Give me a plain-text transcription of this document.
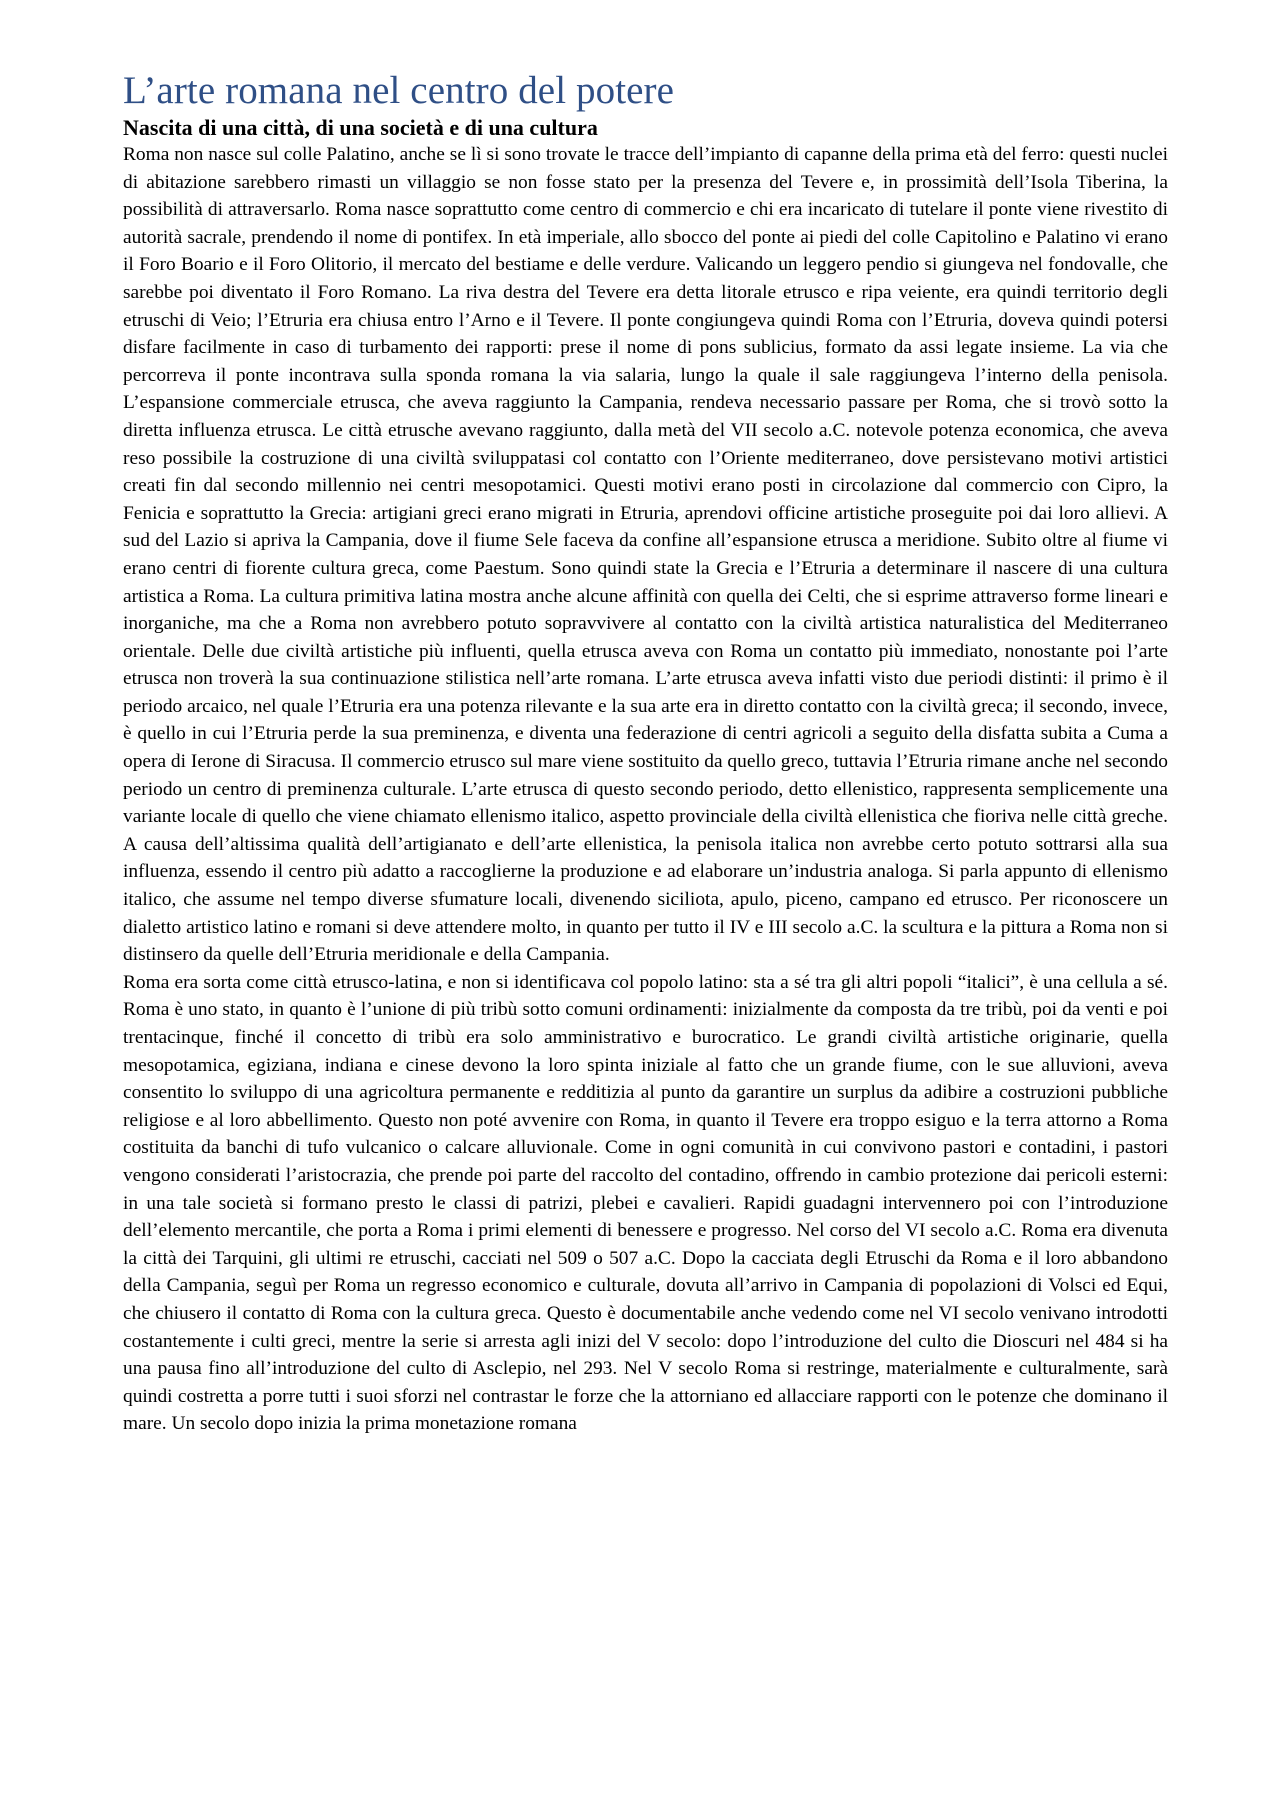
L’arte romana nel centro del potere
Nascita di una città, di una società e di una cultura

Roma non nasce sul colle Palatino, anche se lì si sono trovate le tracce dell’impianto di capanne della prima età del ferro: questi nuclei di abitazione sarebbero rimasti un villaggio se non fosse stato per la presenza del Tevere e, in prossimità dell’Isola Tiberina, la possibilità di attraversarlo. Roma nasce soprattutto come centro di commercio e chi era incaricato di tutelare il ponte viene rivestito di autorità sacrale, prendendo il nome di pontifex. In età imperiale, allo sbocco del ponte ai piedi del colle Capitolino e Palatino vi erano il Foro Boario e il Foro Olitorio, il mercato del bestiame e delle verdure. Valicando un leggero pendio si giungeva nel fondovalle, che sarebbe poi diventato il Foro Romano. La riva destra del Tevere era detta litorale etrusco e ripa veiente, era quindi territorio degli etruschi di Veio; l’Etruria era chiusa entro l’Arno e il Tevere. Il ponte congiungeva quindi Roma con l’Etruria, doveva quindi potersi disfare facilmente in caso di turbamento dei rapporti: prese il nome di pons sublicius, formato da assi legate insieme. La via che percorreva il ponte incontrava sulla sponda romana la via salaria, lungo la quale il sale raggiungeva l’interno della penisola. L’espansione commerciale etrusca, che aveva raggiunto la Campania, rendeva necessario passare per Roma, che si trovò sotto la diretta influenza etrusca. Le città etrusche avevano raggiunto, dalla metà del VII secolo a.C. notevole potenza economica, che aveva reso possibile la costruzione di una civiltà sviluppatasi col contatto con l’Oriente mediterraneo, dove persistevano motivi artistici creati fin dal secondo millennio nei centri mesopotamici. Questi motivi erano posti in circolazione dal commercio con Cipro, la Fenicia e soprattutto la Grecia: artigiani greci erano migrati in Etruria, aprendovi officine artistiche proseguite poi dai loro allievi. A sud del Lazio si apriva la Campania, dove il fiume Sele faceva da confine all’espansione etrusca a meridione. Subito oltre al fiume vi erano centri di fiorente cultura greca, come Paestum. Sono quindi state la Grecia e l’Etruria a determinare il nascere di una cultura artistica a Roma. La cultura primitiva latina mostra anche alcune affinità con quella dei Celti, che si esprime attraverso forme lineari e inorganiche, ma che a Roma non avrebbero potuto sopravvivere al contatto con la civiltà artistica naturalistica del Mediterraneo orientale. Delle due civiltà artistiche più influenti, quella etrusca aveva con Roma un contatto più immediato, nonostante poi l’arte etrusca non troverà la sua continuazione stilistica nell’arte romana. L’arte etrusca aveva infatti visto due periodi distinti: il primo è il periodo arcaico, nel quale l’Etruria era una potenza rilevante e la sua arte era in diretto contatto con la civiltà greca; il secondo, invece, è quello in cui l’Etruria perde la sua preminenza, e diventa una federazione di centri agricoli a seguito della disfatta subita a Cuma a opera di Ierone di Siracusa. Il commercio etrusco sul mare viene sostituito da quello greco, tuttavia l’Etruria rimane anche nel secondo periodo un centro di preminenza culturale. L’arte etrusca di questo secondo periodo, detto ellenistico, rappresenta semplicemente una variante locale di quello che viene chiamato ellenismo italico, aspetto provinciale della civiltà ellenistica che fioriva nelle città greche. A causa dell’altissima qualità dell’artigianato e dell’arte ellenistica, la penisola italica non avrebbe certo potuto sottrarsi alla sua influenza, essendo il centro più adatto a raccoglierne la produzione e ad elaborare un’industria analoga. Si parla appunto di ellenismo italico, che assume nel tempo diverse sfumature locali, divenendo siciliota, apulo, piceno, campano ed etrusco. Per riconoscere un dialetto artistico latino e romani si deve attendere molto, in quanto per tutto il IV e III secolo a.C. la scultura e la pittura a Roma non si distinsero da quelle dell’Etruria meridionale e della Campania.

Roma era sorta come città etrusco-latina, e non si identificava col popolo latino: sta a sé tra gli altri popoli “italici”, è una cellula a sé. Roma è uno stato, in quanto è l’unione di più tribù sotto comuni ordinamenti: inizialmente da composta da tre tribù, poi da venti e poi trentacinque, finché il concetto di tribù era solo amministrativo e burocratico. Le grandi civiltà artistiche originarie, quella mesopotamica, egiziana, indiana e cinese devono la loro spinta iniziale al fatto che un grande fiume, con le sue alluvioni, aveva consentito lo sviluppo di una agricoltura permanente e redditizia al punto da garantire un surplus da adibire a costruzioni pubbliche religiose e al loro abbellimento. Questo non poté avvenire con Roma, in quanto il Tevere era troppo esiguo e la terra attorno a Roma costituita da banchi di tufo vulcanico o calcare alluvionale. Come in ogni comunità in cui convivono pastori e contadini, i pastori vengono considerati l’aristocrazia, che prende poi parte del raccolto del contadino, offrendo in cambio protezione dai pericoli esterni: in una tale società si formano presto le classi di patrizi, plebei e cavalieri. Rapidi guadagni intervennero poi con l’introduzione dell’elemento mercantile, che porta a Roma i primi elementi di benessere e progresso. Nel corso del VI secolo a.C. Roma era divenuta la città dei Tarquini, gli ultimi re etruschi, cacciati nel 509 o 507 a.C. Dopo la cacciata degli Etruschi da Roma e il loro abbandono della Campania, seguì per Roma un regresso economico e culturale, dovuta all’arrivo in Campania di popolazioni di Volsci ed Equi, che chiusero il contatto di Roma con la cultura greca. Questo è documentabile anche vedendo come nel VI secolo venivano introdotti costantemente i culti greci, mentre la serie si arresta agli inizi del V secolo: dopo l’introduzione del culto die Dioscuri nel 484 si ha una pausa fino all’introduzione del culto di Asclepio, nel 293. Nel V secolo Roma si restringe, materialmente e culturalmente, sarà quindi costretta a porre tutti i suoi sforzi nel contrastar le forze che la attorniano ed allacciare rapporti con le potenze che dominano il mare. Un secolo dopo inizia la prima monetazione romana
